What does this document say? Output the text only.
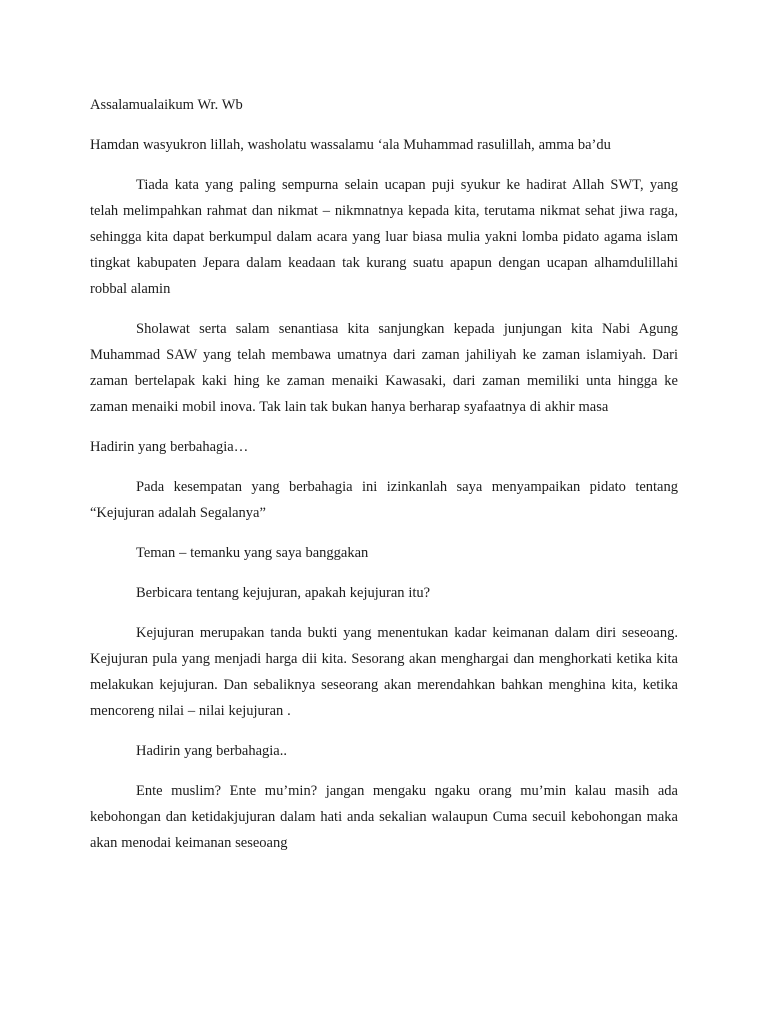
Assalamualaikum Wr. Wb

Hamdan wasyukron lillah, washolatu wassalamu ‘ala Muhammad rasulillah, amma ba’du

Tiada kata yang paling sempurna selain ucapan puji syukur ke hadirat Allah SWT, yang telah melimpahkan rahmat dan nikmat – nikmnatnya kepada kita, terutama nikmat sehat jiwa raga, sehingga kita dapat berkumpul dalam acara yang luar biasa mulia yakni lomba pidato agama islam tingkat kabupaten Jepara dalam keadaan tak kurang suatu apapun dengan ucapan alhamdulillahi robbal alamin

Sholawat serta salam senantiasa kita sanjungkan kepada junjungan kita Nabi Agung Muhammad SAW yang telah membawa umatnya dari zaman jahiliyah ke zaman islamiyah. Dari zaman bertelapak kaki hing ke zaman menaiki Kawasaki, dari zaman memiliki unta hingga ke zaman menaiki mobil inova. Tak lain tak bukan hanya berharap syafaatnya di akhir masa

Hadirin yang berbahagia…

Pada kesempatan yang berbahagia ini izinkanlah saya menyampaikan pidato tentang “Kejujuran adalah Segalanya”

Teman – temanku yang saya banggakan

Berbicara tentang kejujuran, apakah kejujuran itu?

Kejujuran merupakan tanda bukti yang menentukan kadar keimanan dalam diri seseoang. Kejujuran pula yang menjadi harga dii kita. Sesorang akan menghargai dan menghorkati ketika kita melakukan kejujuran. Dan sebaliknya seseorang akan merendahkan bahkan menghina kita, ketika mencoreng nilai – nilai kejujuran .

Hadirin yang berbahagia..

Ente muslim? Ente mu’min? jangan mengaku ngaku orang mu’min kalau masih ada kebohongan dan ketidakjujuran dalam hati anda sekalian walaupun Cuma secuil kebohongan maka akan menodai keimanan seseoang
